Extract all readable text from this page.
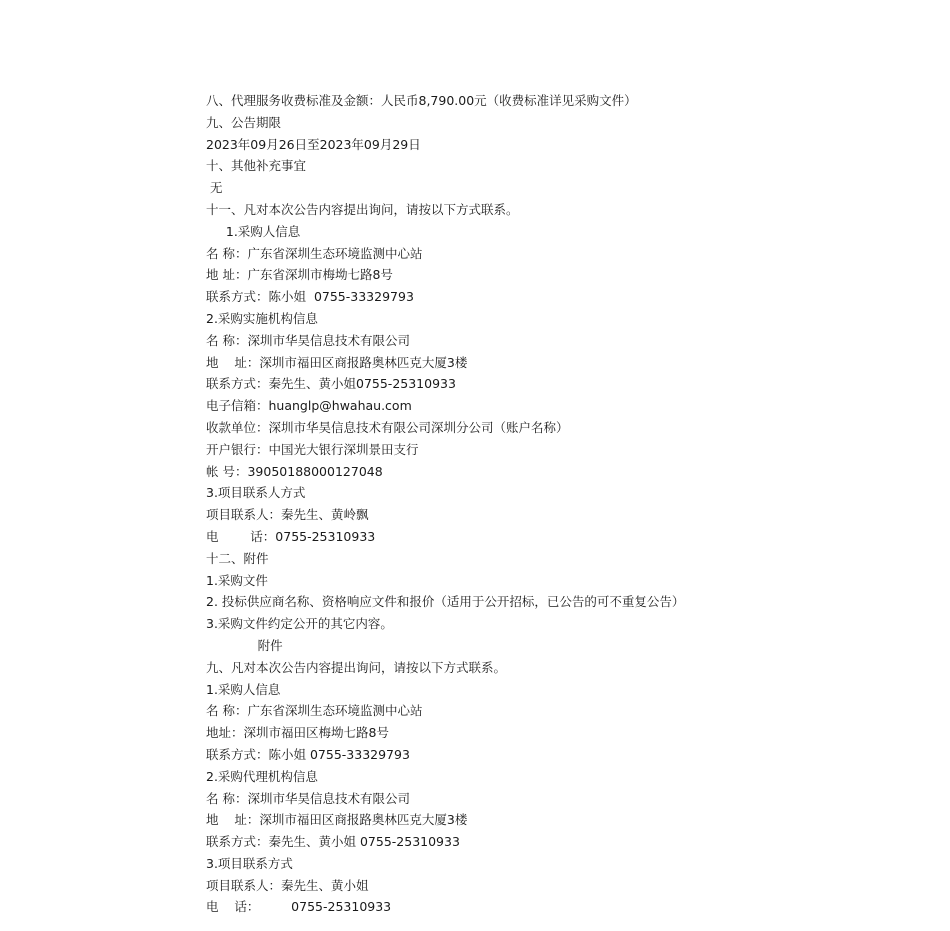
八、代理服务收费标准及金额：人民币8,790.00元（收费标准详见采购文件）
九、公告期限
2023年09月26日至2023年09月29日
十、其他补充事宜
无
十一、凡对本次公告内容提出询问，请按以下方式联系。
1.采购人信息
名 称：广东省深圳生态环境监测中心站
地 址：广东省深圳市梅坳七路8号
联系方式：陈小姐  0755-33329793
2.采购实施机构信息
名 称：深圳市华昊信息技术有限公司
地    址：深圳市福田区商报路奥林匹克大厦3楼
联系方式：秦先生、黄小姐0755-25310933
电子信箱：huanglp@hwahau.com
收款单位：深圳市华昊信息技术有限公司深圳分公司（账户名称）
开户银行：中国光大银行深圳景田支行
帐 号：39050188000127048
3.项目联系人方式
项目联系人：秦先生、黄岭飘
电        话：0755-25310933
十二、附件
1.采购文件
2. 投标供应商名称、资格响应文件和报价（适用于公开招标，已公告的可不重复公告）
3.采购文件约定公开的其它内容。
附件
九、凡对本次公告内容提出询问，请按以下方式联系。
1.采购人信息
名 称：广东省深圳生态环境监测中心站
地址：深圳市福田区梅坳七路8号
联系方式：陈小姐 0755-33329793
2.采购代理机构信息
名 称：深圳市华昊信息技术有限公司
地    址：深圳市福田区商报路奥林匹克大厦3楼
联系方式：秦先生、黄小姐 0755-25310933
3.项目联系方式
项目联系人：秦先生、黄小姐
电    话：        0755-25310933
